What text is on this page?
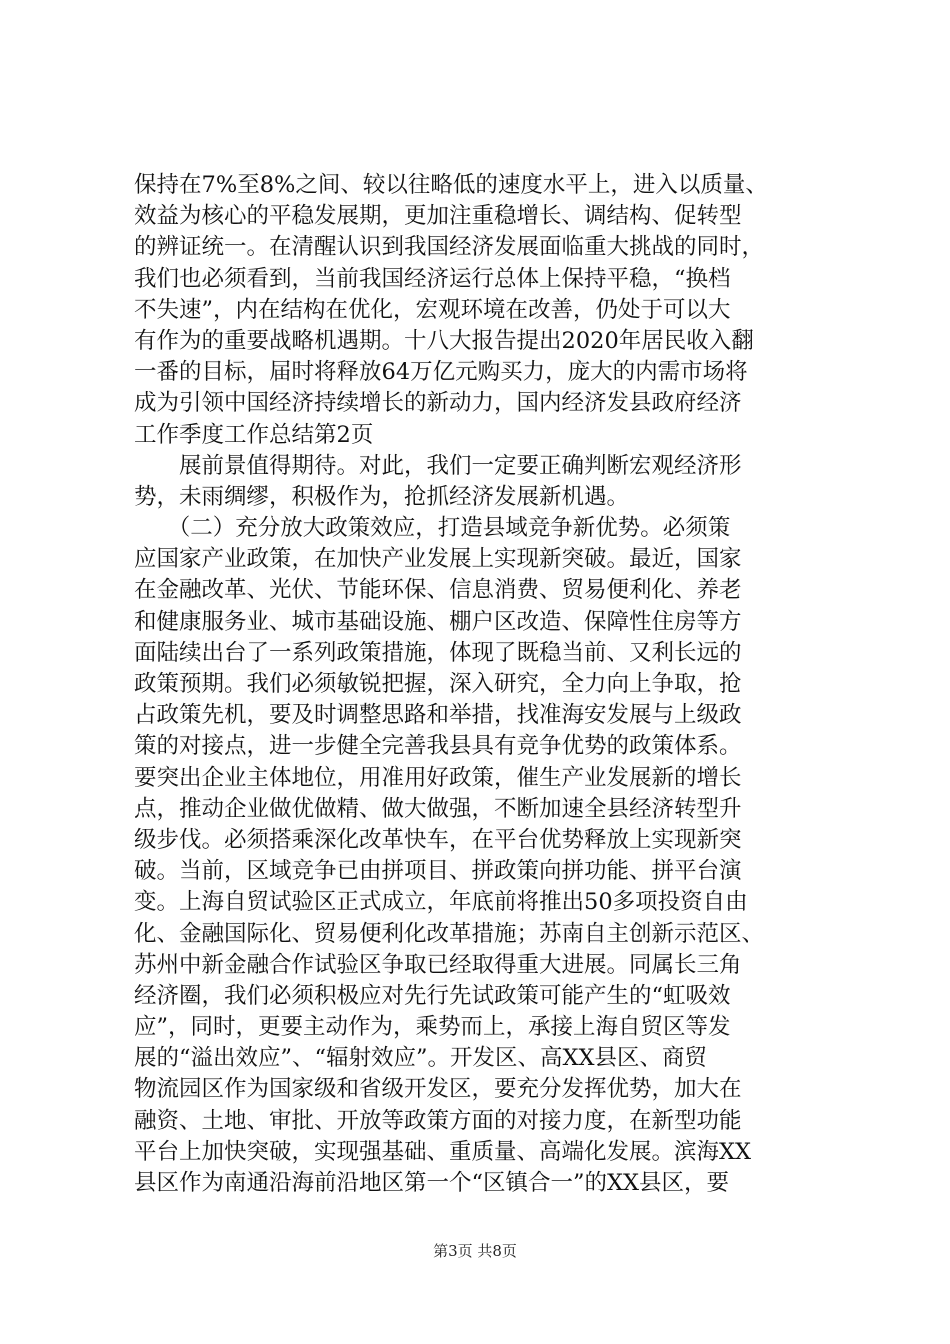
保持在7%至8%之间、较以往略低的速度水平上，进入以质量、
效益为核心的平稳发展期，更加注重稳增长、调结构、促转型
的辨证统一。在清醒认识到我国经济发展面临重大挑战的同时，
我们也必须看到，当前我国经济运行总体上保持平稳，“换档
不失速”，内在结构在优化，宏观环境在改善，仍处于可以大
有作为的重要战略机遇期。十八大报告提出2020年居民收入翻
一番的目标，届时将释放64万亿元购买力，庞大的内需市场将
成为引领中国经济持续增长的新动力，国内经济发县政府经济
工作季度工作总结第2页
　　展前景值得期待。对此，我们一定要正确判断宏观经济形
势，未雨绸缪，积极作为，抢抓经济发展新机遇。
　　（二）充分放大政策效应，打造县域竞争新优势。必须策
应国家产业政策，在加快产业发展上实现新突破。最近，国家
在金融改革、光伏、节能环保、信息消费、贸易便利化、养老
和健康服务业、城市基础设施、棚户区改造、保障性住房等方
面陆续出台了一系列政策措施，体现了既稳当前、又利长远的
政策预期。我们必须敏锐把握，深入研究，全力向上争取，抢
占政策先机，要及时调整思路和举措，找准海安发展与上级政
策的对接点，进一步健全完善我县具有竞争优势的政策体系。
要突出企业主体地位，用准用好政策，催生产业发展新的增长
点，推动企业做优做精、做大做强，不断加速全县经济转型升
级步伐。必须搭乘深化改革快车，在平台优势释放上实现新突
破。当前，区域竞争已由拼项目、拼政策向拼功能、拼平台演
变。上海自贸试验区正式成立，年底前将推出50多项投资自由
化、金融国际化、贸易便利化改革措施；苏南自主创新示范区、
苏州中新金融合作试验区争取已经取得重大进展。同属长三角
经济圈，我们必须积极应对先行先试政策可能产生的“虹吸效
应”，同时，更要主动作为，乘势而上，承接上海自贸区等发
展的“溢出效应”、“辐射效应”。开发区、高XX县区、商贸
物流园区作为国家级和省级开发区，要充分发挥优势，加大在
融资、土地、审批、开放等政策方面的对接力度，在新型功能
平台上加快突破，实现强基础、重质量、高端化发展。滨海XX
县区作为南通沿海前沿地区第一个“区镇合一”的XX县区，要
第3页 共8页
